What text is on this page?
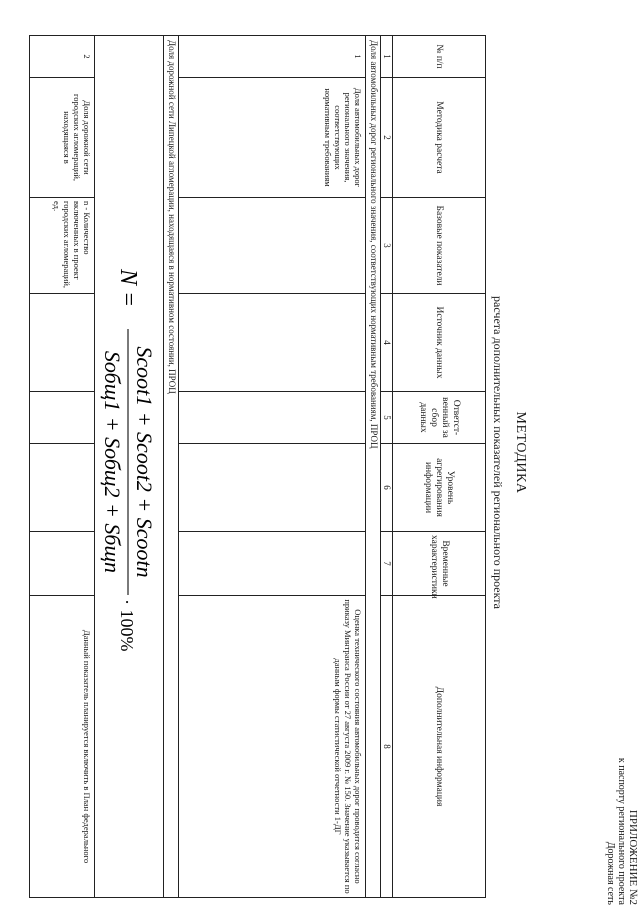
ПРИЛОЖЕНИЕ №2
к паспорту регионального проекта
Дорожная сеть
МЕТОДИКА
расчета дополнительных показателей регионального проекта
№ п/п	Методика расчета	Базовые показатели	Источник данных	Ответст-венный за сбор данных	Уровень агрегирования информации	Временные характеристики	Дополнительная информация
1	2	3	4	5	6	7	8
Доля автомобильных дорог регионального значения, соответствующих нормативным требованиям, ПРОЦ							
1	Доля автомобильных дорог регионального значения, соответствующих нормативным требованиям						Оценка технического состояния автомобильных дорог проводится согласно приказу Минтранса России от 27 августа 2009 г. № 150. Значение указывается по данным формы статистической отчетности 1-ДГ
Доля дорожной сети Липецкой агломерации, находящаяся в нормативном состоянии, ПРОЦ							

N =
Scoot1 + Scoot2 + Scootn
Sобщ1 + Sобщ2 + Sбщn
· 100%							

2	Доля дорожной сети городских агломераций, находящаяся в	n - Количество включенных в проект городских агломераций, ед.					Данный показатель планируется включить в План федерального
